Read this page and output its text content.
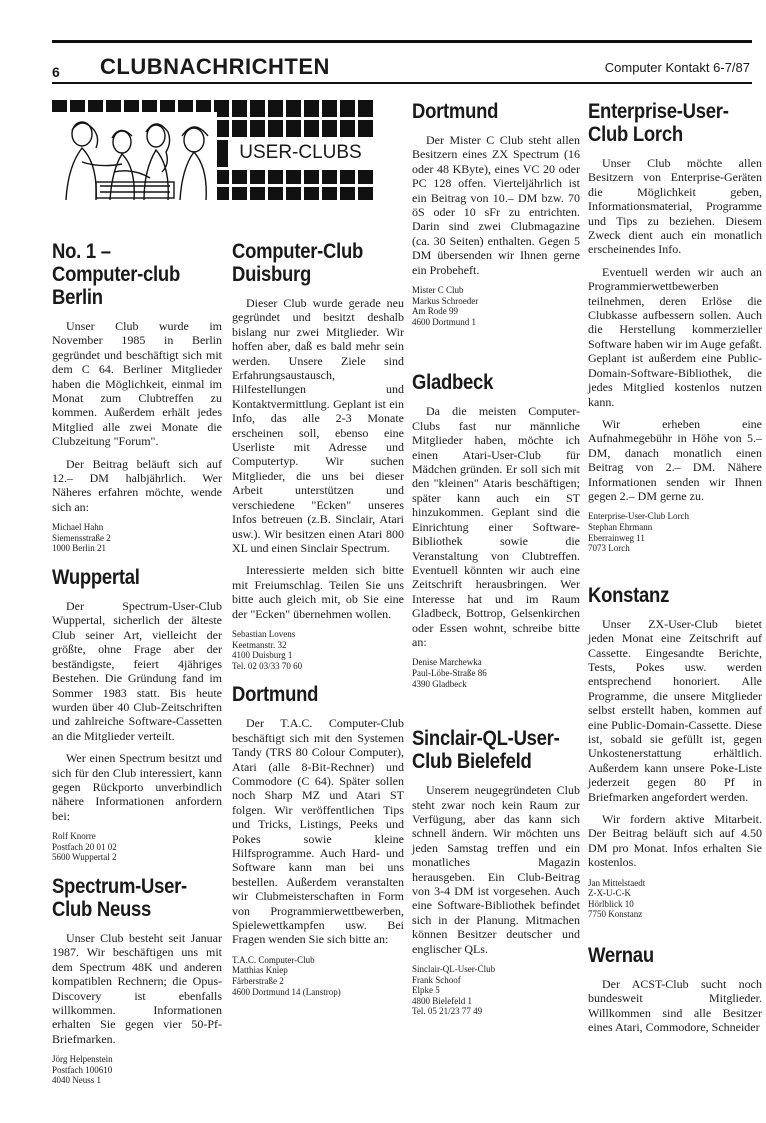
6 CLUBNACHRICHTEN	Computer Kontakt 6-7/87
USER-CLUBS
No. 1 – Computer-club Berlin

Unser Club wurde im November 1985 in Berlin gegründet und beschäftigt sich mit dem C 64. Berliner Mitglieder haben die Möglichkeit, einmal im Monat zum Clubtreffen zu kommen. Außerdem erhält jedes Mitglied alle zwei Monate die Clubzeitung "Forum".

Der Beitrag beläuft sich auf 12.– DM halbjährlich. Wer Näheres erfahren möchte, wende sich an:

Michael Hahn
Siemensstraße 2
1000 Berlin 21
Wuppertal

Der Spectrum-User-Club Wuppertal, sicherlich der älteste Club seiner Art, vielleicht der größte, ohne Frage aber der beständigste, feiert 4jähriges Bestehen. Die Gründung fand im Sommer 1983 statt. Bis heute wurden über 40 Club-Zeitschriften und zahlreiche Software-Cassetten an die Mitglieder verteilt.

Wer einen Spectrum besitzt und sich für den Club interessiert, kann gegen Rückporto unverbindlich nähere Informationen anfordern bei:

Rolf Knorre
Postfach 20 01 02
5600 Wuppertal 2
Spectrum-User-Club Neuss

Unser Club besteht seit Januar 1987. Wir beschäftigen uns mit dem Spectrum 48K und anderen kompatiblen Rechnern; die Opus-Discovery ist ebenfalls willkommen. Informationen erhalten Sie gegen vier 50-Pf-Briefmarken.

Jörg Helpenstein
Postfach 100610
4040 Neuss 1
Computer-Club Duisburg

Dieser Club wurde gerade neu gegründet und besitzt deshalb bislang nur zwei Mitglieder. Wir hoffen aber, daß es bald mehr sein werden. Unsere Ziele sind Erfahrungsaustausch, Hilfestellungen und Kontaktvermittlung. Geplant ist ein Info, das alle 2-3 Monate erscheinen soll, ebenso eine Userliste mit Adresse und Computertyp. Wir suchen Mitglieder, die uns bei dieser Arbeit unterstützen und verschiedene "Ecken" unseres Infos betreuen (z.B. Sinclair, Atari usw.). Wir besitzen einen Atari 800 XL und einen Sinclair Spectrum.

Interessierte melden sich bitte mit Freiumschlag. Teilen Sie uns bitte auch gleich mit, ob Sie eine der "Ecken" übernehmen wollen.

Sebastian Lovens
Keetmanstr. 32
4100 Duisburg 1
Tel. 02 03/33 70 60
Dortmund

Der T.A.C. Computer-Club beschäftigt sich mit den Systemen Tandy (TRS 80 Colour Computer), Atari (alle 8-Bit-Rechner) und Commodore (C 64). Später sollen noch Sharp MZ und Atari ST folgen. Wir veröffentlichen Tips und Tricks, Listings, Peeks und Pokes sowie kleine Hilfsprogramme. Auch Hard- und Software kann man bei uns bestellen. Außerdem veranstalten wir Clubmeisterschaften in Form von Programmierwettbewerben, Spielewettkampfen usw. Bei Fragen wenden Sie sich bitte an:

T.A.C. Computer-Club
Matthias Kniep
Färberstraße 2
4600 Dortmund 14 (Lanstrop)
Dortmund

Der Mister C Club steht allen Besitzern eines ZX Spectrum (16 oder 48 KByte), eines VC 20 oder PC 128 offen. Vierteljährlich ist ein Beitrag von 10.– DM bzw. 70 öS oder 10 sFr zu entrichten. Darin sind zwei Clubmagazine (ca. 30 Seiten) enthalten. Gegen 5 DM übersenden wir Ihnen gerne ein Probeheft.

Mister C Club
Markus Schroeder
Am Rode 99
4600 Dortmund 1
Gladbeck

Da die meisten Computer-Clubs fast nur männliche Mitglieder haben, möchte ich einen Atari-User-Club für Mädchen gründen. Er soll sich mit den "kleinen" Ataris beschäftigen; später kann auch ein ST hinzukommen. Geplant sind die Einrichtung einer Software-Bibliothek sowie die Veranstaltung von Clubtreffen. Eventuell könnten wir auch eine Zeitschrift herausbringen. Wer Interesse hat und im Raum Gladbeck, Bottrop, Gelsenkirchen oder Essen wohnt, schreibe bitte an:

Denise Marchewka
Paul-Löbe-Straße 86
4390 Gladbeck
Sinclair-QL-User-Club Bielefeld

Unserem neugegründeten Club steht zwar noch kein Raum zur Verfügung, aber das kann sich schnell ändern. Wir möchten uns jeden Samstag treffen und ein monatliches Magazin herausgeben. Ein Club-Beitrag von 3-4 DM ist vorgesehen. Auch eine Software-Bibliothek befindet sich in der Planung. Mitmachen können Besitzer deutscher und englischer QLs.

Sinclair-QL-User-Club
Frank Schoof
Elpke 5
4800 Bielefeld 1
Tel. 05 21/23 77 49
Enterprise-User-Club Lorch

Unser Club möchte allen Besitzern von Enterprise-Geräten die Möglichkeit geben, Informationsmaterial, Programme und Tips zu beziehen. Diesem Zweck dient auch ein monatlich erscheinendes Info.

Eventuell werden wir auch an Programmierwettbewerben teilnehmen, deren Erlöse die Clubkasse aufbessern sollen. Auch die Herstellung kommerzieller Software haben wir im Auge gefaßt. Geplant ist außerdem eine Public-Domain-Software-Bibliothek, die jedes Mitglied kostenlos nutzen kann.

Wir erheben eine Aufnahmegebühr in Höhe von 5.– DM, danach monatlich einen Beitrag von 2.– DM. Nähere Informationen senden wir Ihnen gegen 2.– DM gerne zu.

Enterprise-User-Club Lorch
Stephan Ehrmann
Eberrainweg 11
7073 Lorch
Konstanz

Unser ZX-User-Club bietet jeden Monat eine Zeitschrift auf Cassette. Eingesandte Berichte, Tests, Pokes usw. werden entsprechend honoriert. Alle Programme, die unsere Mitglieder selbst erstellt haben, kommen auf eine Public-Domain-Cassette. Diese ist, sobald sie gefüllt ist, gegen Unkostenerstattung erhältlich. Außerdem kann unsere Poke-Liste jederzeit gegen 80 Pf in Briefmarken angefordert werden.

Wir fordern aktive Mitarbeit. Der Beitrag beläuft sich auf 4.50 DM pro Monat. Infos erhalten Sie kostenlos.

Jan Mittelstaedt
Z-X-U-C-K
Hörlblick 10
7750 Konstanz
Wernau

Der ACST-Club sucht noch bundesweit Mitglieder. Willkommen sind alle Besitzer eines Atari, Commodore, Schneider
